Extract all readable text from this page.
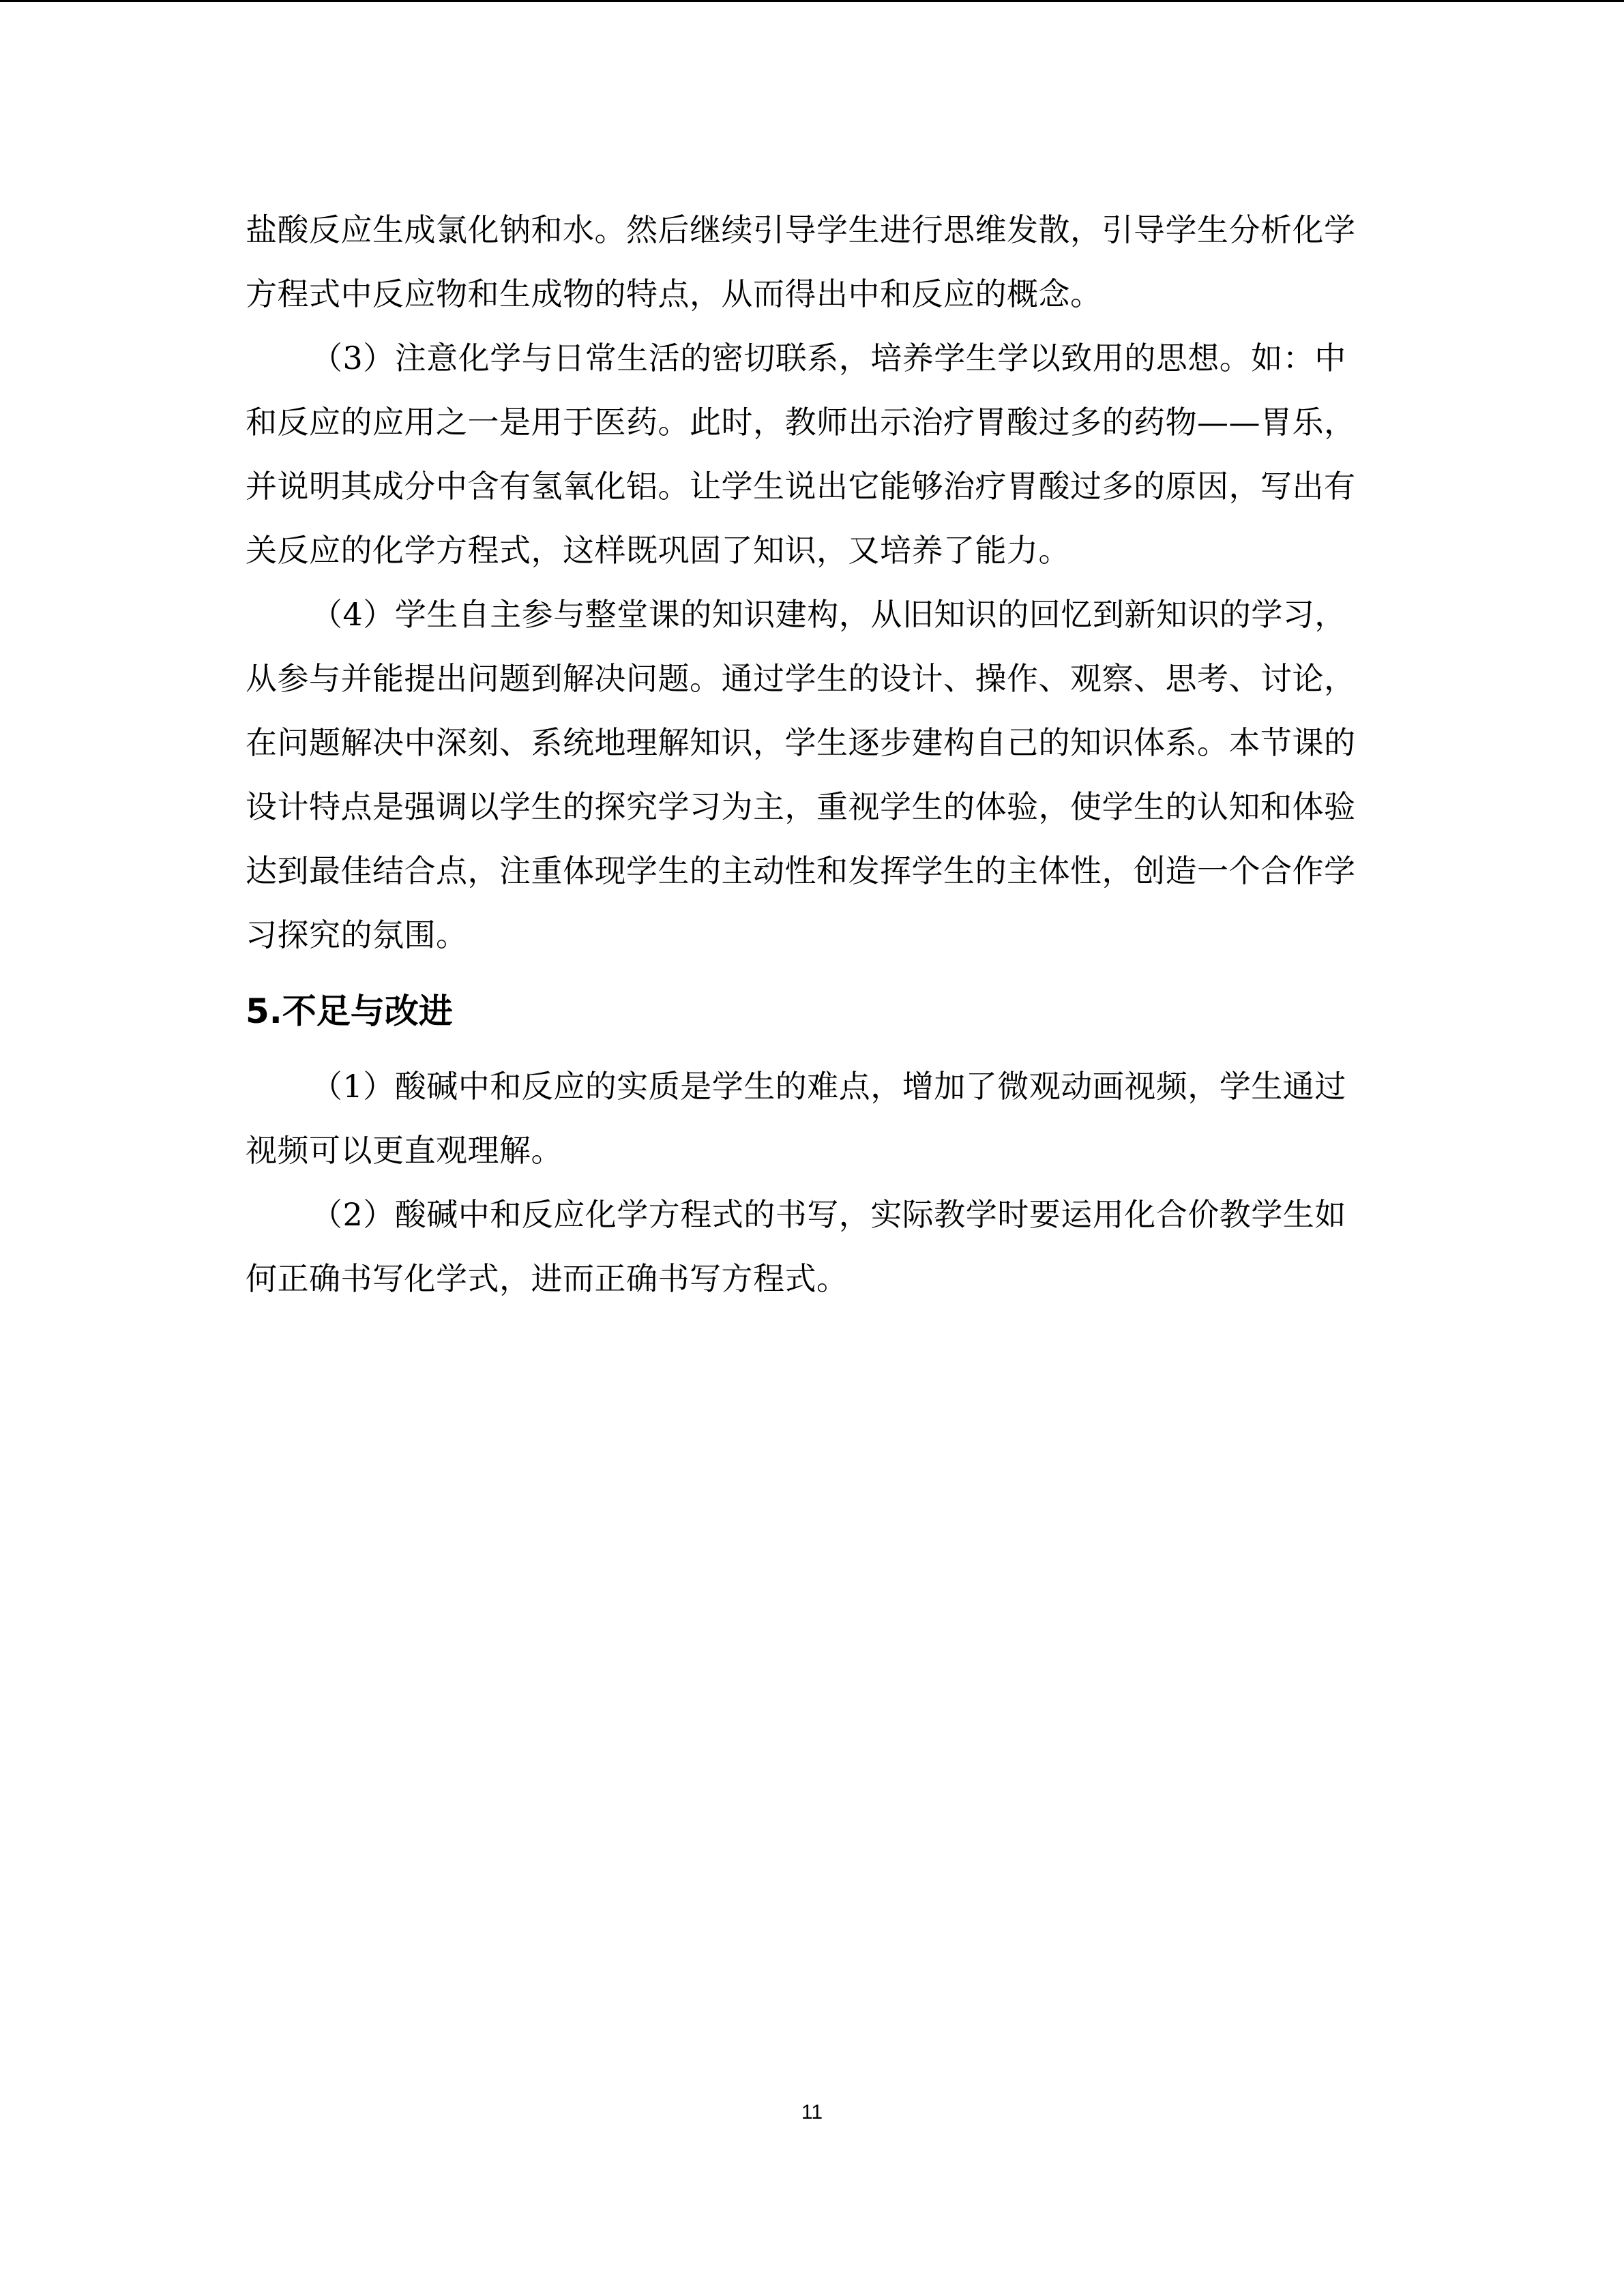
盐酸反应生成氯化钠和水。然后继续引导学生进行思维发散，引导学生分析化学方程式中反应物和生成物的特点，从而得出中和反应的概念。

（3）注意化学与日常生活的密切联系，培养学生学以致用的思想。如：中和反应的应用之一是用于医药。此时，教师出示治疗胃酸过多的药物——胃乐，并说明其成分中含有氢氧化铝。让学生说出它能够治疗胃酸过多的原因，写出有关反应的化学方程式，这样既巩固了知识，又培养了能力。

（4）学生自主参与整堂课的知识建构，从旧知识的回忆到新知识的学习，从参与并能提出问题到解决问题。通过学生的设计、操作、观察、思考、讨论，在问题解决中深刻、系统地理解知识，学生逐步建构自己的知识体系。本节课的设计特点是强调以学生的探究学习为主，重视学生的体验，使学生的认知和体验达到最佳结合点，注重体现学生的主动性和发挥学生的主体性，创造一个合作学习探究的氛围。

5.不足与改进

（1）酸碱中和反应的实质是学生的难点，增加了微观动画视频，学生通过视频可以更直观理解。

（2）酸碱中和反应化学方程式的书写，实际教学时要运用化合价教学生如何正确书写化学式，进而正确书写方程式。

11
